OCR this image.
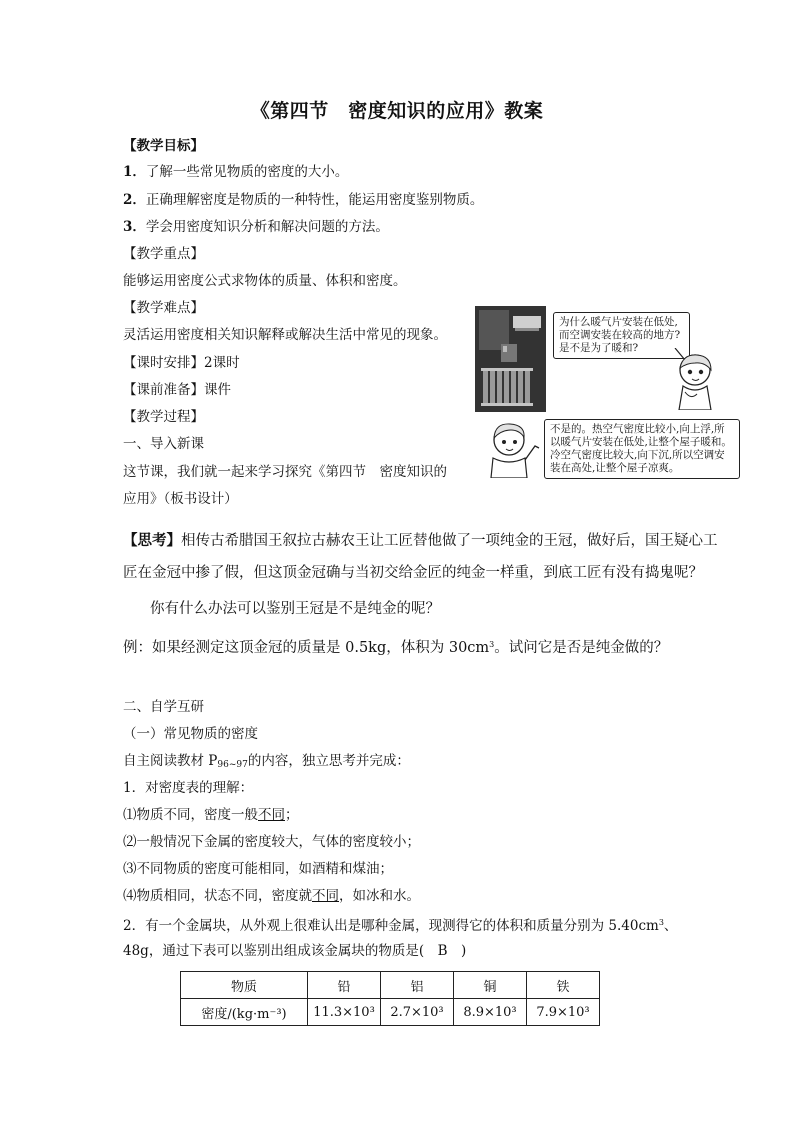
《第四节　密度知识的应用》教案
【教学目标】
1．了解一些常见物质的密度的大小。
2．正确理解密度是物质的一种特性，能运用密度鉴别物质。
3．学会用密度知识分析和解决问题的方法。
【教学重点】
能够运用密度公式求物体的质量、体积和密度。
【教学难点】
灵活运用密度相关知识解释或解决生活中常见的现象。
【课时安排】2课时
【课前准备】课件
【教学过程】
一、导入新课
这节课，我们就一起来学习探究《第四节　密度知识的
应用》（板书设计）
为什么暖气片安装在低处,而空调安装在较高的地方?是不是为了暖和?
不是的。热空气密度比较小,向上浮,所以暖气片安装在低处,让整个屋子暖和。冷空气密度比较大,向下沉,所以空调安装在高处,让整个屋子凉爽。
【思考】相传古希腊国王叙拉古赫农王让工匠替他做了一项纯金的王冠，做好后，国王疑心工
匠在金冠中掺了假，但这顶金冠确与当初交给金匠的纯金一样重，到底工匠有没有捣鬼呢？
你有什么办法可以鉴别王冠是不是纯金的呢？
例：如果经测定这顶金冠的质量是 0.5kg，体积为 $30cm^3$。试问它是否是纯金做的？
二、自学互研
（一）常见物质的密度
自主阅读教材 $P_{96\sim 97}$的内容，独立思考并完成：
1．对密度表的理解：
⑴物质不同，密度一般不同；
⑵一般情况下金属的密度较大，气体的密度较小；
⑶不同物质的密度可能相同，如酒精和煤油；
⑷物质相同，状态不同，密度就不同，如冰和水。
2．有一个金属块，从外观上很难认出是哪种金属，现测得它的体积和质量分别为 $5.40cm^3$、
48g，通过下表可以鉴别出组成该金属块的物质是(　B　)
物质	铅	铝	铜	铁
密度/(kg·m⁻³)	11.3×10³	2.7×10³	8.9×10³	7.9×10³
